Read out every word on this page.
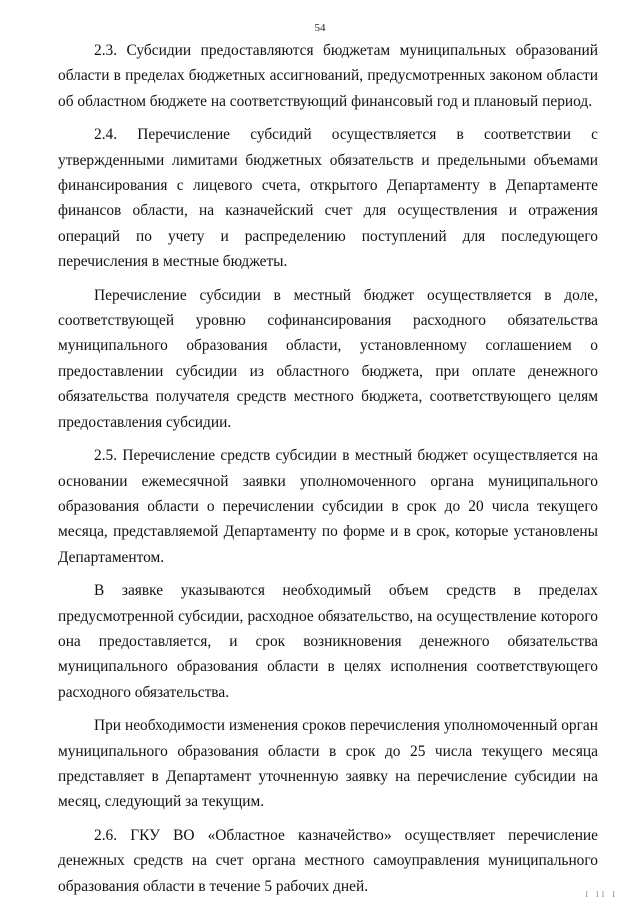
54

2.3. Субсидии предоставляются бюджетам муниципальных образований области в пределах бюджетных ассигнований, предусмотренных законом области об областном бюджете на соответствующий финансовый год и плановый период.

2.4. Перечисление субсидий осуществляется в соответствии с утвержденными лимитами бюджетных обязательств и предельными объемами финансирования с лицевого счета, открытого Департаменту в Департаменте финансов области, на казначейский счет для осуществления и отражения операций по учету и распределению поступлений для последующего перечисления в местные бюджеты.

Перечисление субсидии в местный бюджет осуществляется в доле, соответствующей уровню софинансирования расходного обязательства муниципального образования области, установленному соглашением о предоставлении субсидии из областного бюджета, при оплате денежного обязательства получателя средств местного бюджета, соответствующего целям предоставления субсидии.

2.5. Перечисление средств субсидии в местный бюджет осуществляется на основании ежемесячной заявки уполномоченного органа муниципального образования области о перечислении субсидии в срок до 20 числа текущего месяца, представляемой Департаменту по форме и в срок, которые установлены Департаментом.

В заявке указываются необходимый объем средств в пределах предусмотренной субсидии, расходное обязательство, на осуществление которого она предоставляется, и срок возникновения денежного обязательства муниципального образования области в целях исполнения соответствующего расходного обязательства.

При необходимости изменения сроков перечисления уполномоченный орган муниципального образования области в срок до 25 числа текущего месяца представляет в Департамент уточненную заявку на перечисление субсидии на месяц, следующий за текущим.

2.6. ГКУ ВО «Областное казначейство» осуществляет перечисление денежных средств на счет органа местного самоуправления муниципального образования области в течение 5 рабочих дней.	I II I
